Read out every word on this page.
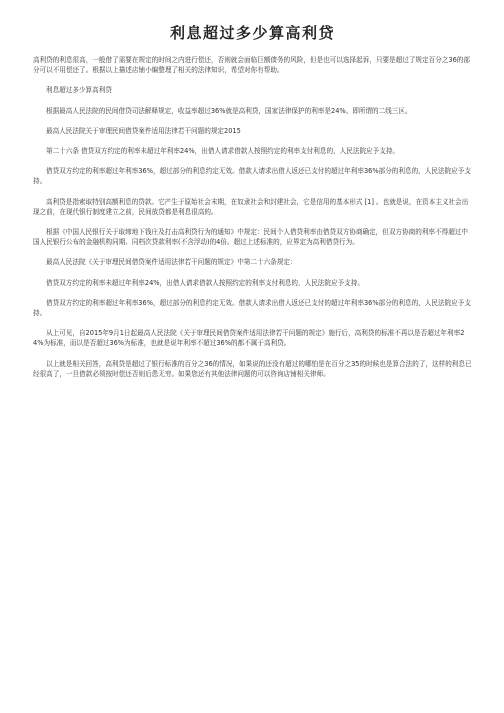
利息超过多少算高利贷

高利贷的利息很高，一般借了需要在规定的时间之内进行偿还，否则就会面临巨额债务的风险，但是也可以选择起诉，只要是超过了规定百分之36的部分可以不用偿还了。根据以上描述店铺小编整理了相关的法律知识，希望对你有帮助。

利息超过多少算高利贷

根据最高人民法院的民间借贷司法解释规定，收益率超过36%就是高利贷，国家法律保护的利率是24%。即所谓的二线三区。

最高人民法院关于审理民间借贷案件适用法律若干问题的规定2015

第二十六条 借贷双方约定的利率未超过年利率24%，出借人请求借款人按照约定的利率支付利息的，人民法院应予支持。

借贷双方约定的利率超过年利率36%，超过部分的利息约定无效。借款人请求出借人返还已支付的超过年利率36%部分的利息的，人民法院应予支持。

高利贷是指索取特别高额利息的贷款。它产生于原始社会末期，在奴隶社会和封建社会，它是信用的基本形式 [1] 。也就是说，在资本主义社会出现之前，在现代银行制度建立之前，民间放贷都是利息很高的。

根据《中国人民银行关于取缔地下钱庄及打击高利贷行为的通知》中规定：民间个人借贷利率由借贷双方协商确定，但双方协商的利率不得超过中国人民银行公布的金融机构同期、同档次贷款利率(不含浮动)的4倍。超过上述标准的，应界定为高利借贷行为。

最高人民法院《关于审理民间借贷案件适用法律若干问题的规定》中第二十六条规定：

借贷双方约定的利率未超过年利率24%，出借人请求借款人按照约定的利率支付利息的，人民法院应予支持。

借贷双方约定的利率超过年利率36%，超过部分的利息约定无效。借款人请求出借人返还已支付的超过年利率36%部分的利息的，人民法院应予支持。

从上可见，自2015年9月1日起最高人民法院《关于审理民间借贷案件适用法律若干问题的规定》施行后，高利贷的标准不再以是否超过年利率24%为标准，而以是否超过36%为标准，也就是说年利率不超过36%的都不属于高利贷。

以上就是相关回答，高利贷是超过了银行标准的百分之36的情况，如果说的还没有超过的哪怕是在百分之35的时候也是算合法的了，这样的利息已经很高了，一旦借款必须按时偿还否则后患无穷。如果您还有其他法律问题的可以咨询店铺相关律师。
